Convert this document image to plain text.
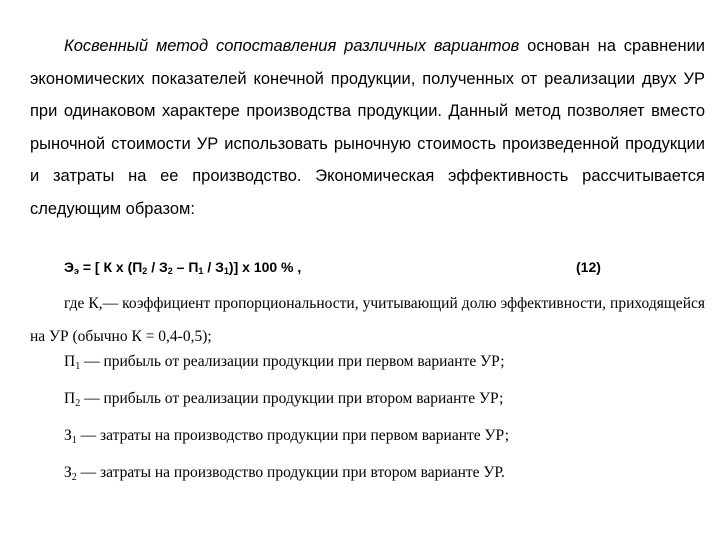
Косвенный метод сопоставления различных вариантов основан на сравнении экономических показателей конечной продукции, полученных от реализации двух УР при одинаковом характере производства продукции. Данный метод позволяет вместо рыночной стоимости УР использовать рыночную стоимость произведенной продукции и затраты на ее производство. Экономическая эффективность рассчитывается следующим образом:

$Э_э$ = [ К х $(П_2 / З_2 - П_1 / З_1)$] х 100 % ,	(12)

где К,— коэффициент пропорциональности, учитывающий долю эффективности, приходящейся на УР (обычно К = 0,4-0,5);

$П_1$ — прибыль от реализации продукции при первом варианте УР;

$П_2$ — прибыль от реализации продукции при втором варианте УР;

$З_1$ — затраты на производство продукции при первом варианте УР;

$З_2$ — затраты на производство продукции при втором варианте УР.
